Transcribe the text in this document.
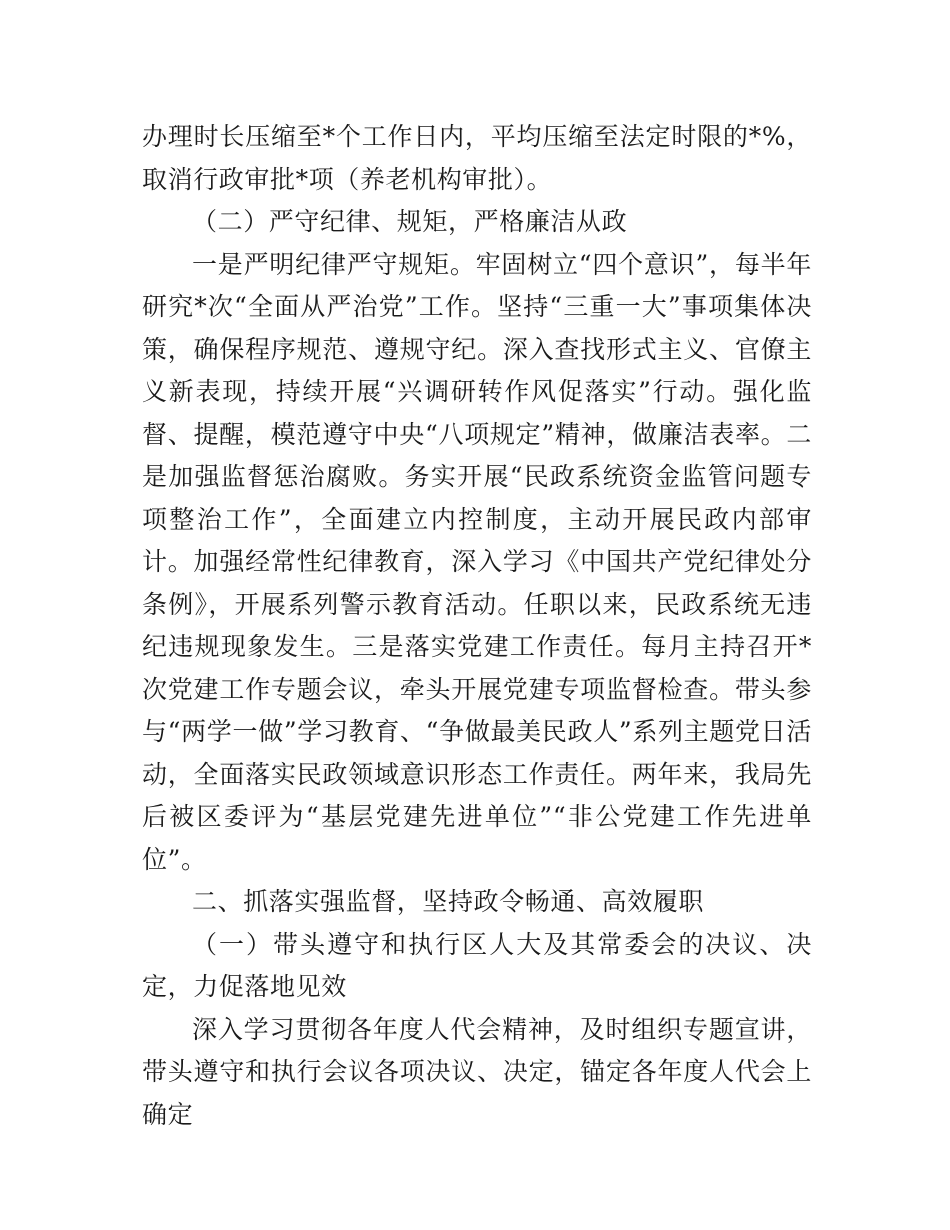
办理时长压缩至*个工作日内，平均压缩至法定时限的*%，取消行政审批*项（养老机构审批）。

（二）严守纪律、规矩，严格廉洁从政

一是严明纪律严守规矩。牢固树立“四个意识”，每半年研究*次“全面从严治党”工作。坚持“三重一大”事项集体决策，确保程序规范、遵规守纪。深入查找形式主义、官僚主义新表现，持续开展“兴调研转作风促落实”行动。强化监督、提醒，模范遵守中央“八项规定”精神，做廉洁表率。二是加强监督惩治腐败。务实开展“民政系统资金监管问题专项整治工作”，全面建立内控制度，主动开展民政内部审计。加强经常性纪律教育，深入学习《中国共产党纪律处分条例》，开展系列警示教育活动。任职以来，民政系统无违纪违规现象发生。三是落实党建工作责任。每月主持召开*次党建工作专题会议，牵头开展党建专项监督检查。带头参与“两学一做”学习教育、“争做最美民政人”系列主题党日活动，全面落实民政领域意识形态工作责任。两年来，我局先后被区委评为“基层党建先进单位”“非公党建工作先进单位”。

二、抓落实强监督，坚持政令畅通、高效履职

（一）带头遵守和执行区人大及其常委会的决议、决定，力促落地见效

深入学习贯彻各年度人代会精神，及时组织专题宣讲，带头遵守和执行会议各项决议、决定，锚定各年度人代会上确定
